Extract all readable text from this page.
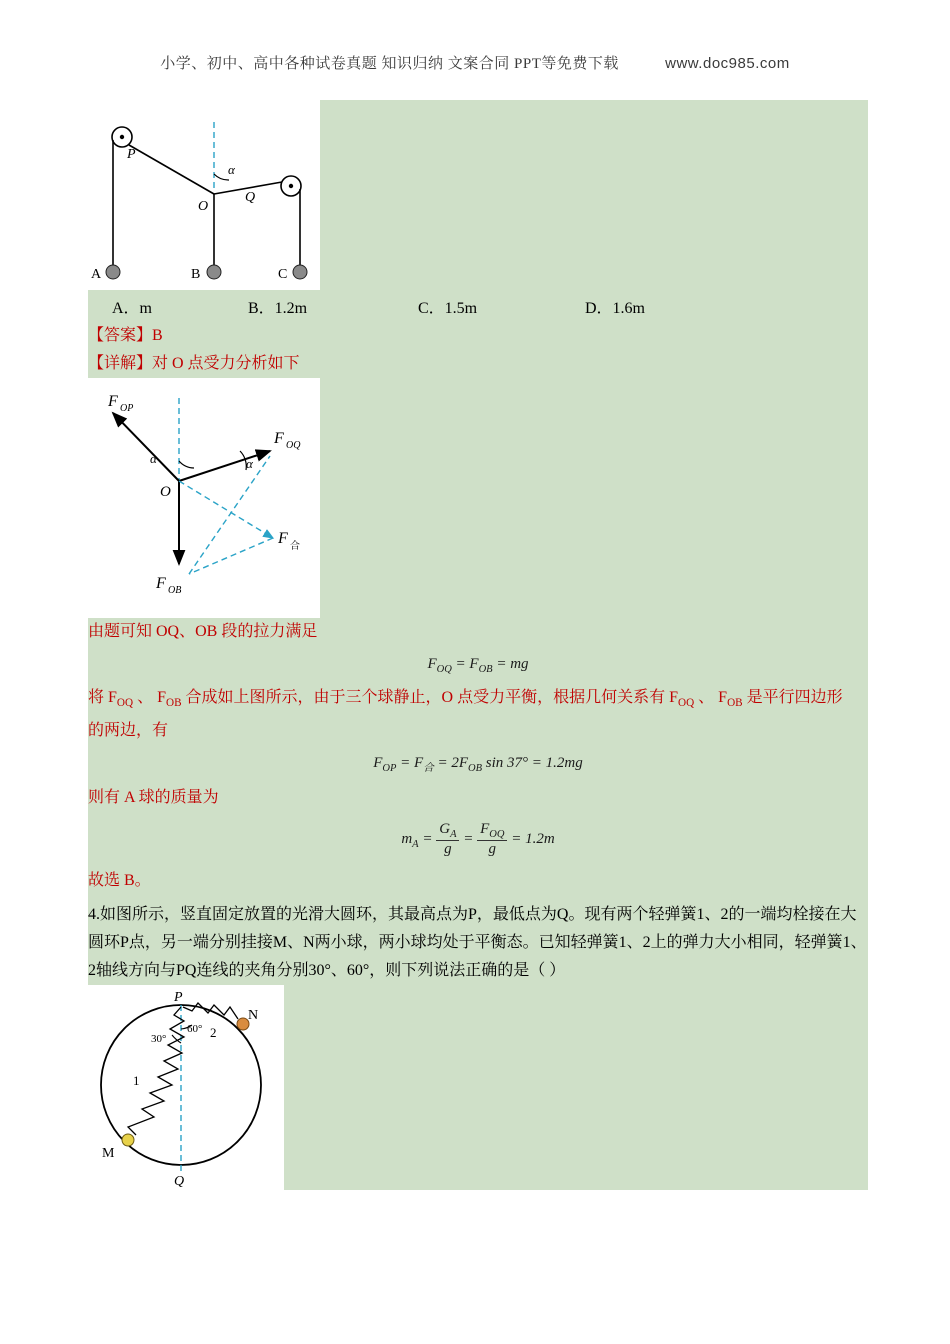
小学、初中、高中各种试卷真题 知识归纳 文案合同 PPT等免费下载	www.doc985.com
P
Q
O
α
A	B	C
A．m	B．1.2m	C．1.5m	D．1.6m
【答案】B
【详解】对 O 点受力分析如下
α	α
O
F OP
F OQ
F OB
F 合
由题可知 OQ、OB 段的拉力满足
$F_{OQ} = F_{OB}$ = mg
将 $F_{OQ}$ 、 $F_{OB}$ 合成如上图所示，由于三个球静止，O 点受力平衡，根据几何关系有 $F_{OQ}$ 、 $F_{OB}$ 是平行四边形
的两边，有
$F_{OP} = F_合 = 2F_{OB}$ sin 37° = 1.2mg
则有 A 球的质量为
$m_A = \frac{G_A}{g} = \frac{F_{OQ}}{g} = 1.2m$
故选 B。
4.如图所示，竖直固定放置的光滑大圆环，其最高点为P，最低点为Q。现有两个轻弹簧1、2的一端均栓接在大圆环P点，另一端分别挂接M、N两小球，两小球均处于平衡态。已知轻弹簧1、2上的弹力大小相同，轻弹簧1、2轴线方向与PQ连线的夹角分别30°、60°，则下列说法正确的是（ ）
P
Q
M
N
60°
30°
1
2
